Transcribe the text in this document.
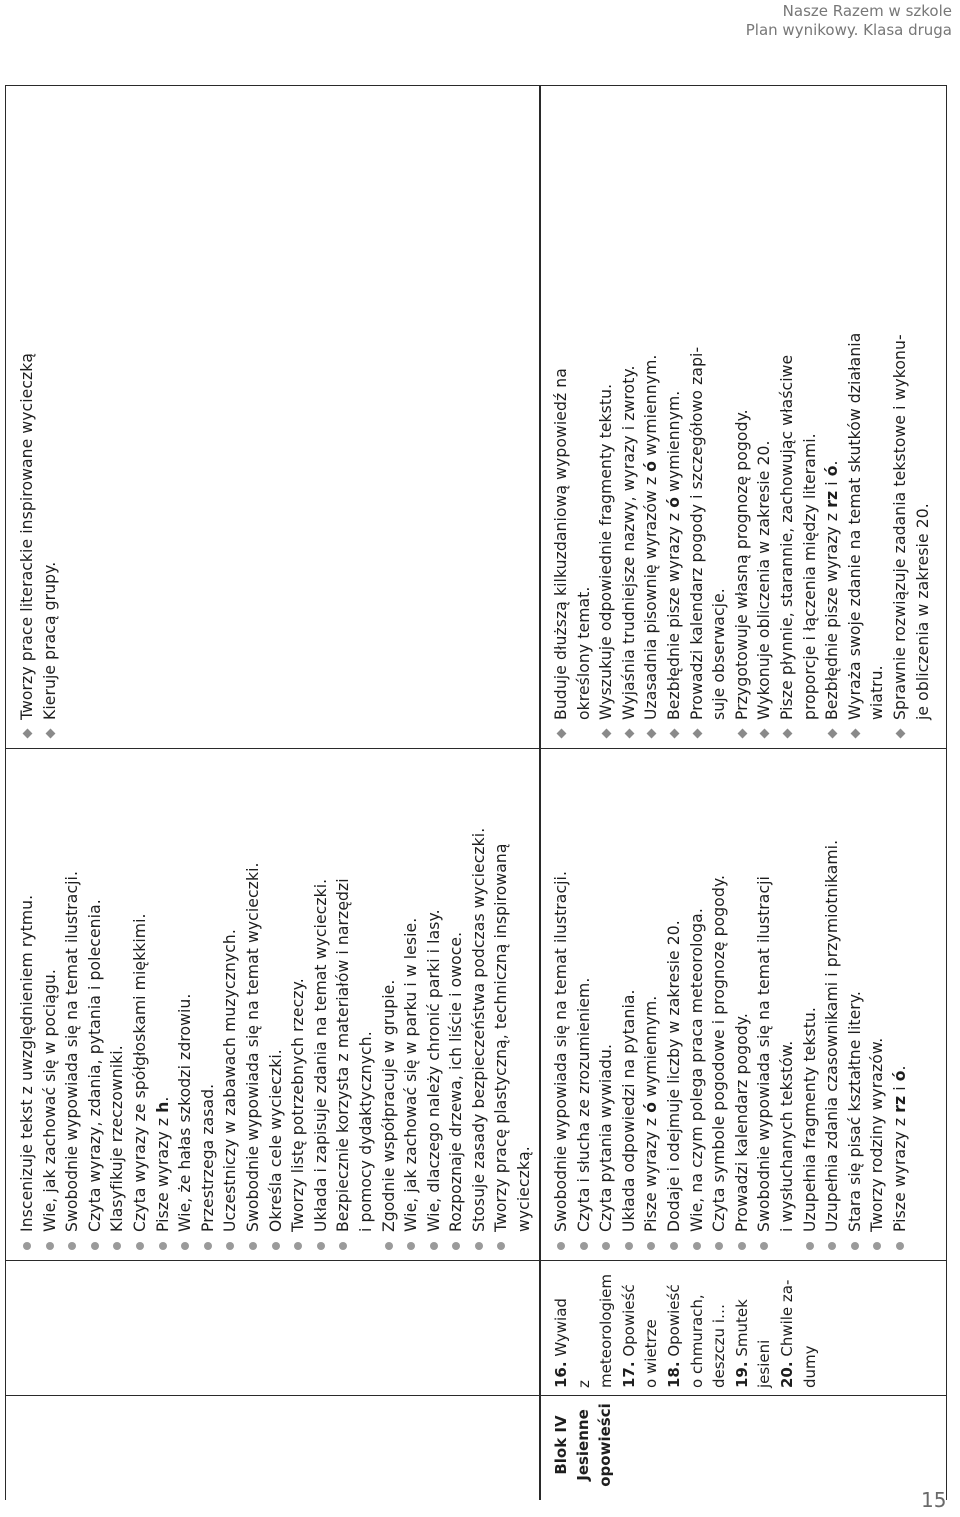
Nasze Razem w szkole
Plan wynikowy. Klasa druga
Inscenizuje tekst z uwzględnieniem rytmu. Wie, jak zachować się w pociągu. Swobodnie wypowiada się na temat ilustracji. Czyta wyrazy, zdania, pytania i polecenia. Klasyfikuje rzeczowniki. Czyta wyrazy ze spółgłoskami miękkimi. Pisze wyrazy z h. Wie, że hałas szkodzi zdrowiu. Przestrzega zasad. Uczestniczy w zabawach muzycznych. Swobodnie wypowiada się na temat wycieczki. Określa cele wycieczki. Tworzy listę potrzebnych rzeczy. Układa i zapisuje zdania na temat wycieczki. Bezpiecznie korzysta z materiałów i narzędzi i pomocy dydaktycznych. Zgodnie współpracuje w grupie. Wie, jak zachować się w parku i w lesie. Wie, dlaczego należy chronić parki i lasy. Rozpoznaje drzewa, ich liście i owoce. Stosuje zasady bezpieczeństwa podczas wycieczki. Tworzy pracę plastyczną, techniczną inspirowaną wycieczką.
Tworzy prace literackie inspirowane wycieczką Kieruje pracą grupy.
Blok IV Jesienne opowieści
16. Wywiad
z meteorologiem 17. Opowieść o wietrze 18. Opowieść o chmurach, deszczu i… 19. Smutek
jesieni 20. Chwile za-
dumy
Swobodnie wypowiada się na temat ilustracji. Czyta i słucha ze zrozumieniem. Czyta pytania wywiadu. Układa odpowiedzi na pytania. Pisze wyrazy z ó wymiennym. Dodaje i odejmuje liczby w zakresie 20. Wie, na czym polega praca meteorologa. Czyta symbole pogodowe i prognozę pogody. Prowadzi kalendarz pogody. Swobodnie wypowiada się na temat ilustracji i wysłuchanych tekstów. Uzupełnia fragmenty tekstu. Uzupełnia zdania czasownikami i przymiotnikami. Stara się pisać kształtne litery. Tworzy rodziny wyrazów. Pisze wyrazy z rz i ó.
Buduje dłuższą kilkuzdaniową wypowiedź na określony temat. Wyszukuje odpowiednie fragmenty tekstu. Wyjaśnia trudniejsze nazwy, wyrazy i zwroty. Uzasadnia pisownię wyrazów z ó wymiennym.
Bezbłędnie pisze wyrazy z ó wymiennym. Prowadzi kalendarz pogody i szczegółowo zapi- suje obserwacje. Przygotowuje własną prognozę pogody. Wykonuje obliczenia w zakresie 20. Pisze płynnie, starannie, zachowując właściwe proporcje i łączenia między literami. Bezbłędnie pisze wyrazy z rz i ó. Wyraża swoje zdanie na temat skutków działania wiatru. Sprawnie rozwiązuje zadania tekstowe i wykonu- je obliczenia w zakresie 20.
15
